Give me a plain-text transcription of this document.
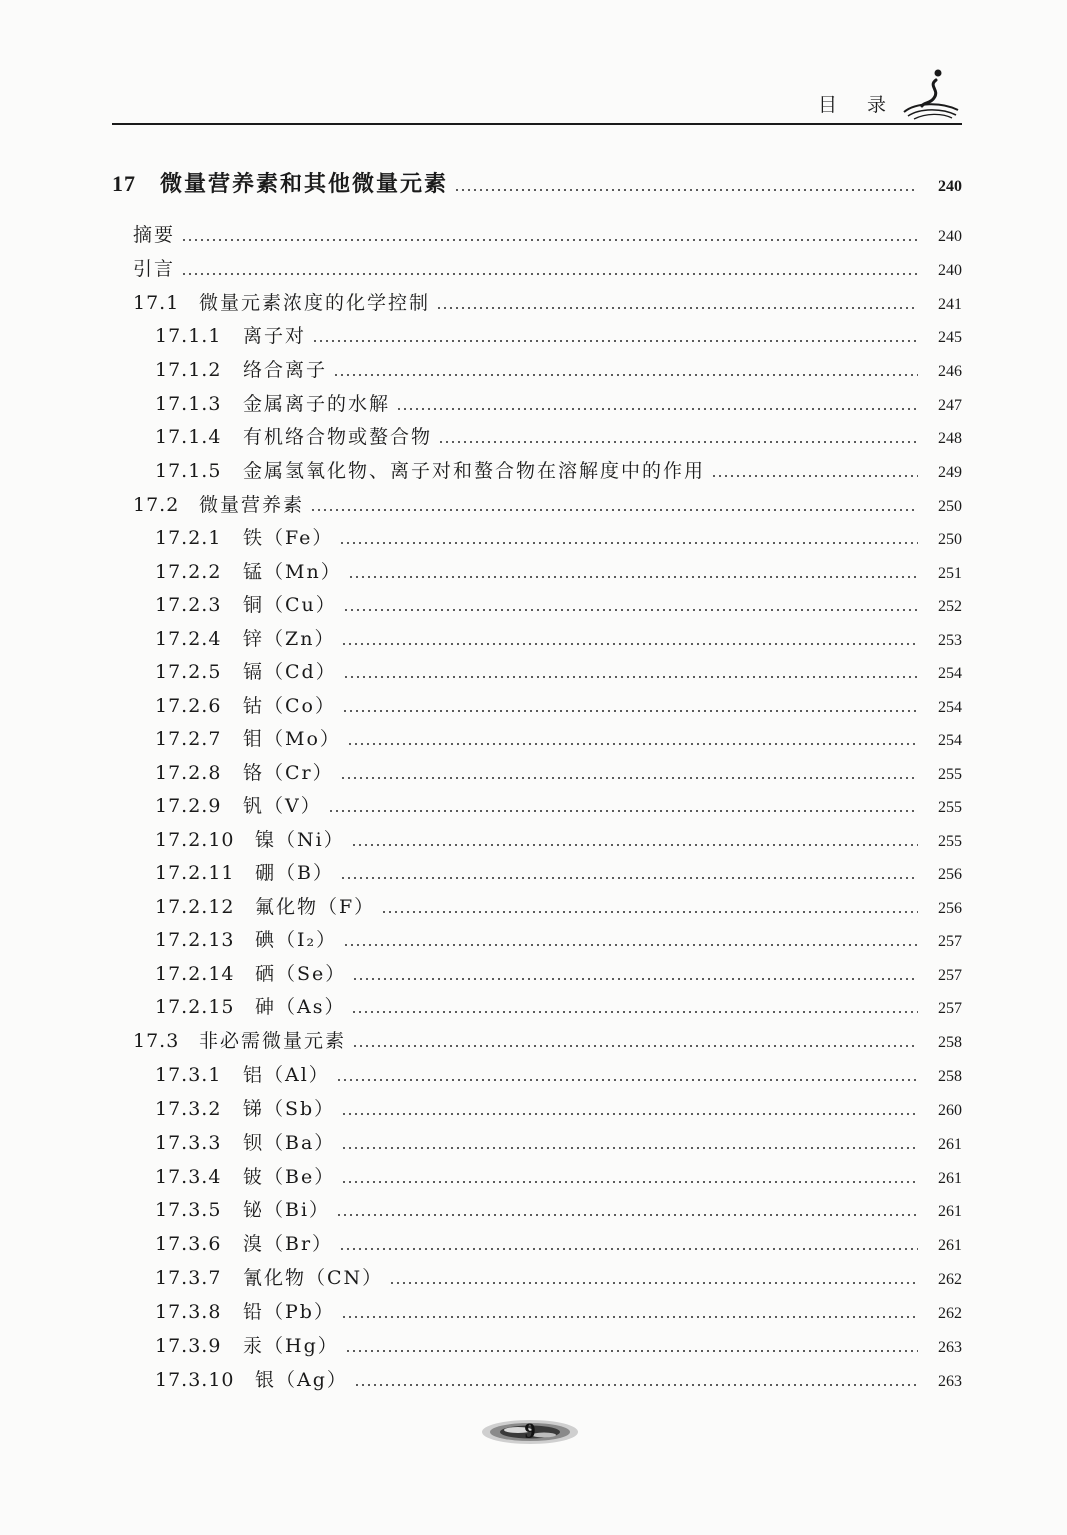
目录
17	微量营养素和其他微量元素	240
摘要	240
引言	240
17.1	微量元素浓度的化学控制	241
17.1.1	离子对	245
17.1.2	络合离子	246
17.1.3	金属离子的水解	247
17.1.4	有机络合物或螯合物	248
17.1.5	金属氢氧化物、离子对和螯合物在溶解度中的作用	249
17.2	微量营养素	250
17.2.1	铁（Fe）	250
17.2.2	锰（Mn）	251
17.2.3	铜（Cu）	252
17.2.4	锌（Zn）	253
17.2.5	镉（Cd）	254
17.2.6	钴（Co）	254
17.2.7	钼（Mo）	254
17.2.8	铬（Cr）	255
17.2.9	钒（V）	255
17.2.10	镍（Ni）	255
17.2.11	硼（B）	256
17.2.12	氟化物（F）	256
17.2.13	碘（I₂）	257
17.2.14	硒（Se）	257
17.2.15	砷（As）	257
17.3	非必需微量元素	258
17.3.1	铝（Al）	258
17.3.2	锑（Sb）	260
17.3.3	钡（Ba）	261
17.3.4	铍（Be）	261
17.3.5	铋（Bi）	261
17.3.6	溴（Br）	261
17.3.7	氰化物（CN）	262
17.3.8	铅（Pb）	262
17.3.9	汞（Hg）	263
17.3.10	银（Ag）	263
9
